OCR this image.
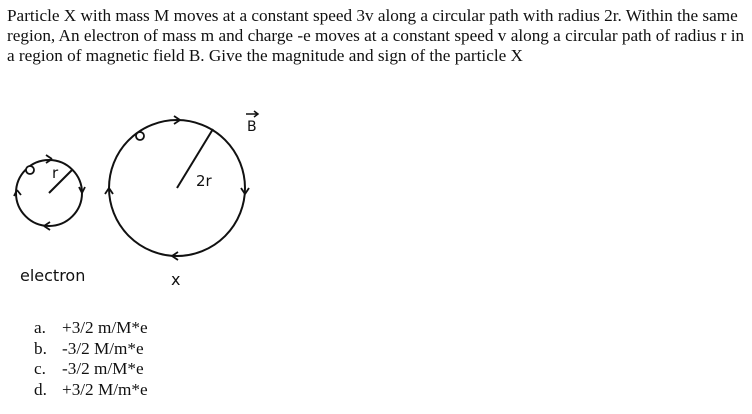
Particle X with mass M moves at a constant speed 3v along a circular path with radius 2r. Within the same region, An electron of mass m and charge -e moves at a constant speed v along a circular path of radius r in a region of magnetic field B. Give the magnitude and sign of the particle X

r	2r
B
electron	x
a. +3/2 m/M*e
b. -3/2 M/m*e
c. -3/2 m/M*e
d. +3/2 M/m*e
